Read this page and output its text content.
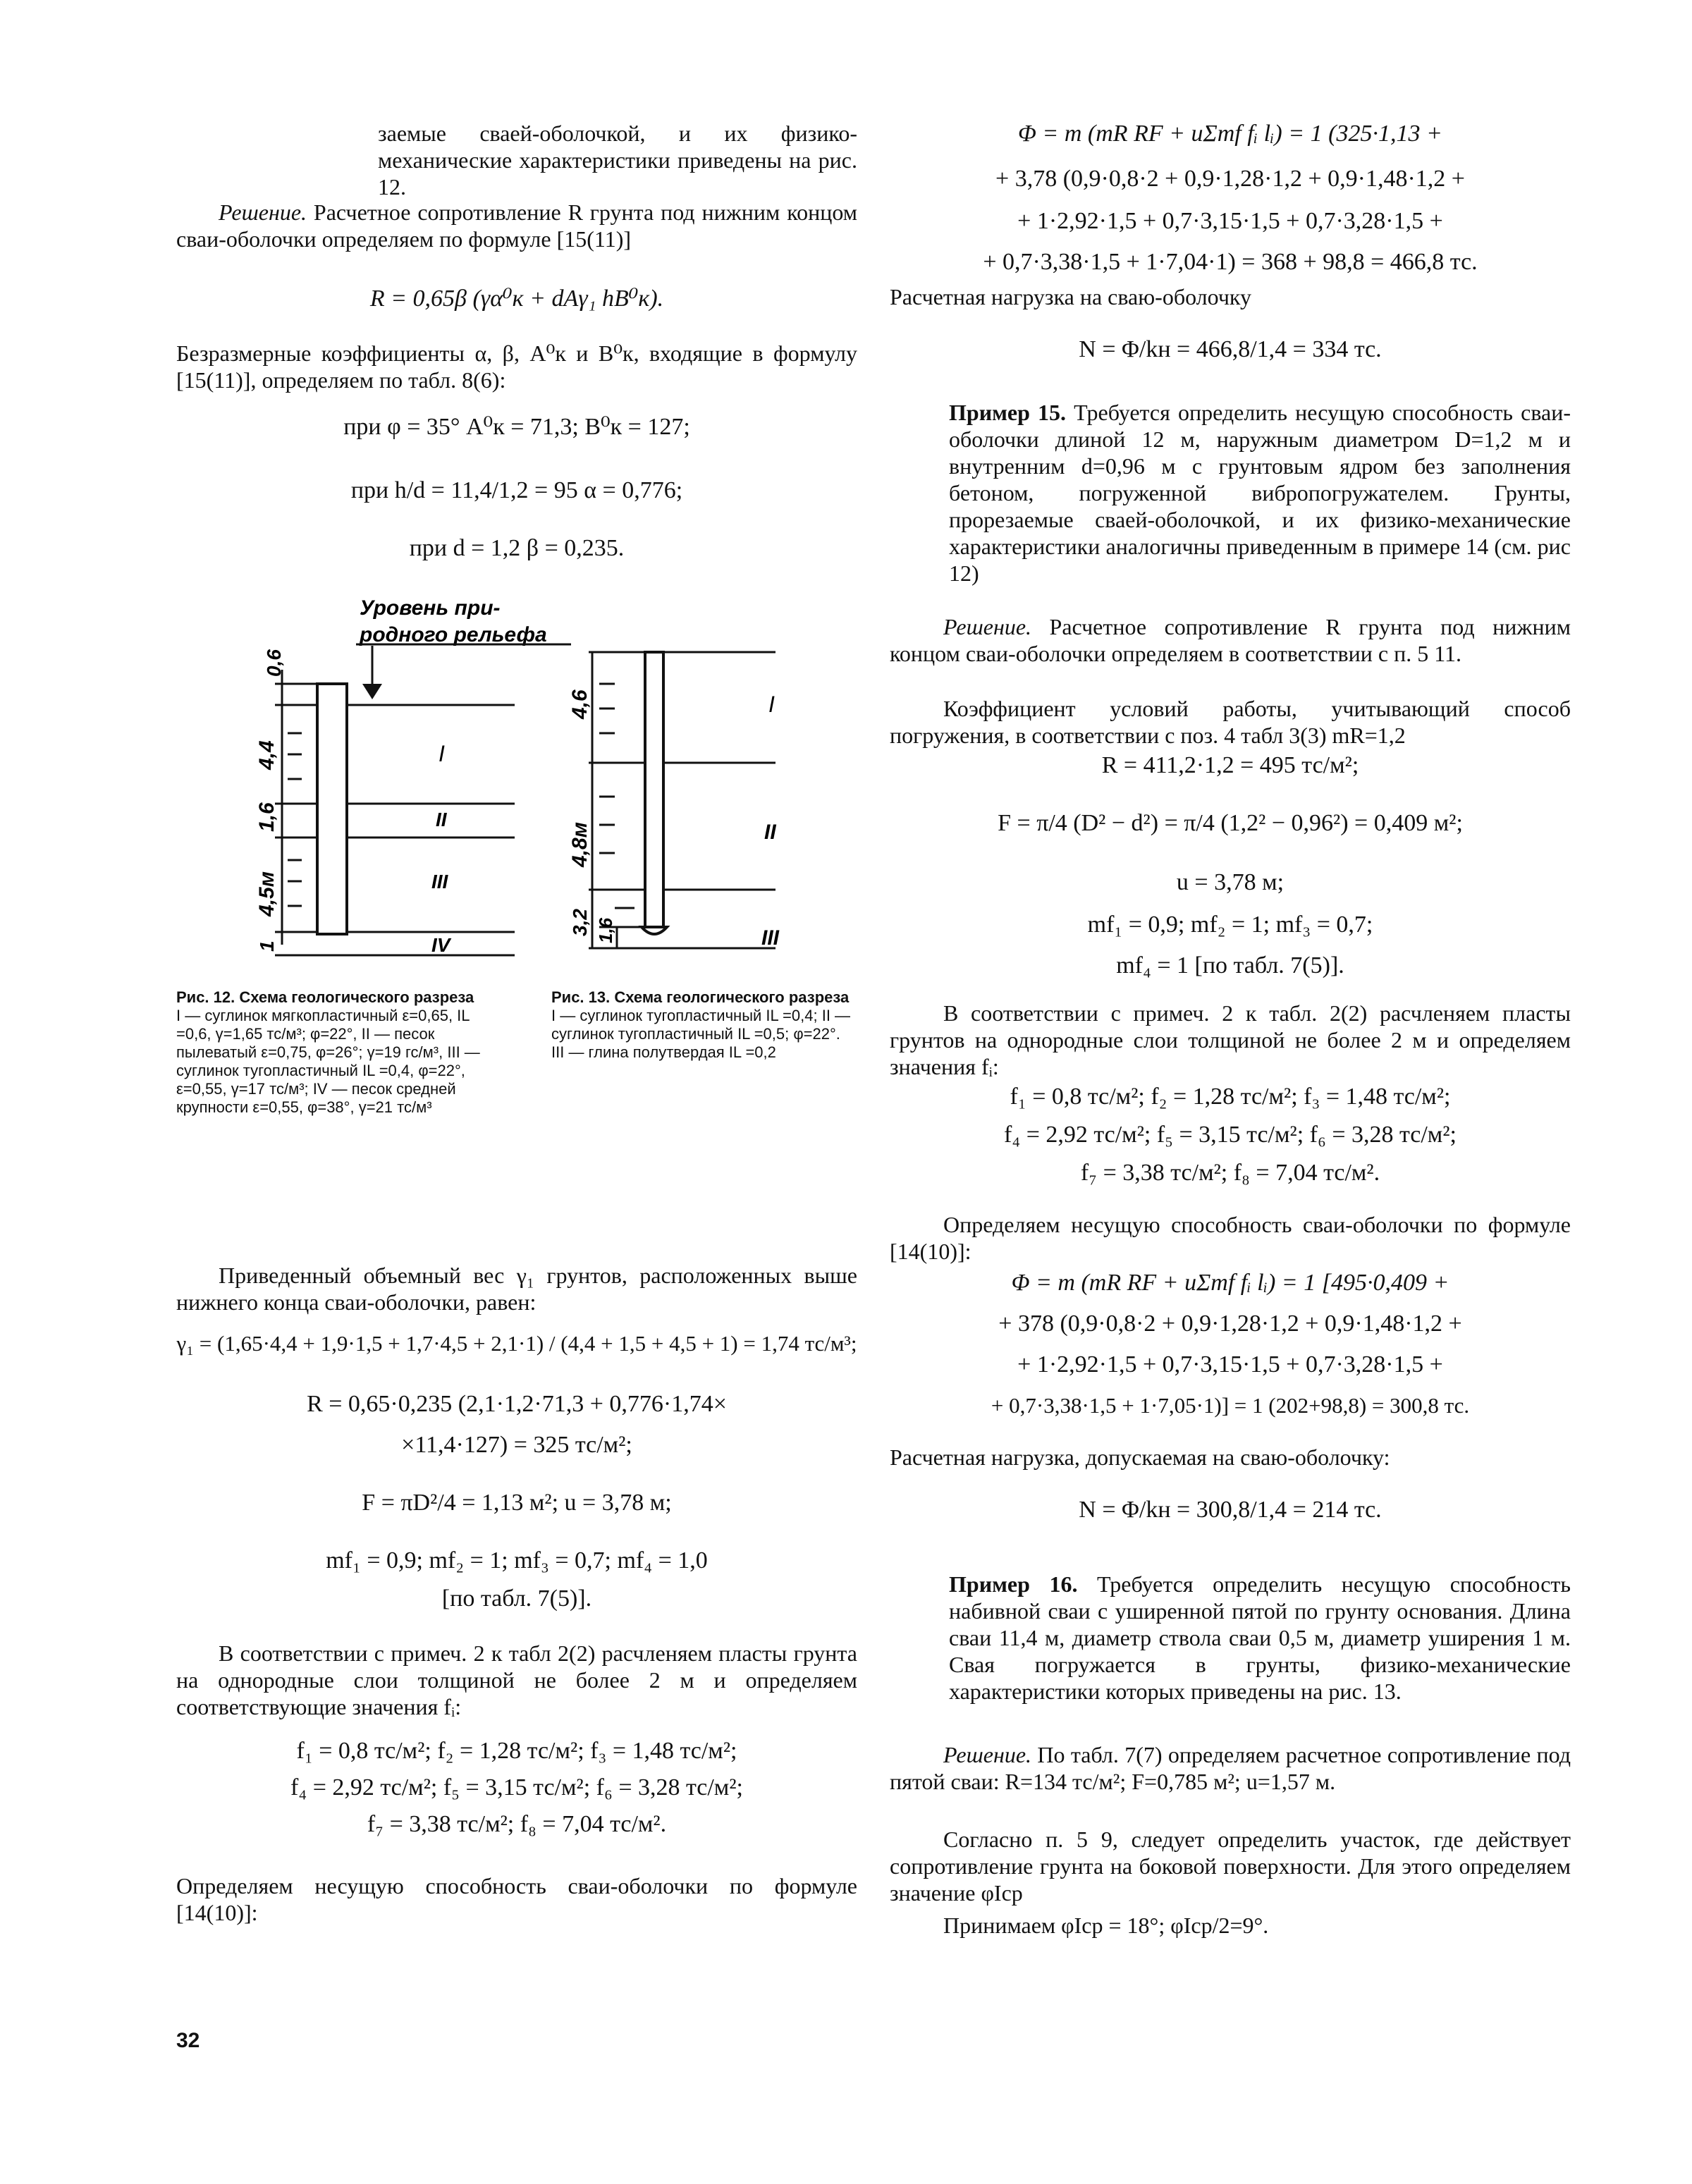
заемые сваей-оболочкой, и их физико-механические характеристики приведены на рис. 12.

Решение. Расчетное сопротивление R грунта под нижним концом сваи-оболочки определяем по формуле [15(11)]

R = 0,65β (γα⁰к + dAγ₁ hB⁰к).

Безразмерные коэффициенты α, β, A⁰к и B⁰к, входящие в формулу [15(11)], определяем по табл. 8(6):

при φ = 35° A⁰к = 71,3; B⁰к = 127;

при h/d = 11,4/1,2 = 95 α = 0,776;

при d = 1,2 β = 0,235.

Уровень при-
родного рельефа
0,6
4,4
1,6
4,5м
1
I
II
III
IV
4,6
4,8м
3,2 1,6
I
II
III

Рис. 12. Схема геологического разреза
I — суглинок мягкопластичный ε=0,65, IL =0,6, γ=1,65 тс/м³; φ=22°, II — песок пылеватый ε=0,75, φ=26°; γ=19 гс/м³, III — суглинок тугопластичный IL =0,4, φ=22°, ε=0,55, γ=17 тс/м³; IV — песок средней крупности ε=0,55, φ=38°, γ=21 тс/м³

Рис. 13. Схема геологического разреза
I — суглинок тугопластичный IL =0,4; II — суглинок тугопластичный IL =0,5; φ=22°. III — глина полутвердая IL =0,2

Приведенный объемный вес γ₁ грунтов, расположенных выше нижнего конца сваи-оболочки, равен:

γ₁ = (1,65·4,4 + 1,9·1,5 + 1,7·4,5 + 2,1·1) / (4,4 + 1,5 + 4,5 + 1) = 1,74 тс/м³;

R = 0,65·0,235 (2,1·1,2·71,3 + 0,776·1,74×

×11,4·127) = 325 тс/м²;

F = πD²/4 = 1,13 м²; u = 3,78 м;

mf₁ = 0,9; mf₂ = 1; mf₃ = 0,7; mf₄ = 1,0

[по табл. 7(5)].

В соответствии с примеч. 2 к табл 2(2) расчленяем пласты грунта на однородные слои толщиной не более 2 м и определяем соответствующие значения fᵢ:

f₁ = 0,8 тс/м²; f₂ = 1,28 тс/м²; f₃ = 1,48 тс/м²;

f₄ = 2,92 тс/м²; f₅ = 3,15 тс/м²; f₆ = 3,28 тс/м²;

f₇ = 3,38 тс/м²; f₈ = 7,04 тс/м².

Определяем несущую способность сваи-оболочки по формуле [14(10)]:

Φ = m (mR RF + uΣmf fᵢ lᵢ) = 1 (325·1,13 +

+ 3,78 (0,9·0,8·2 + 0,9·1,28·1,2 + 0,9·1,48·1,2 +

+ 1·2,92·1,5 + 0,7·3,15·1,5 + 0,7·3,28·1,5 +

+ 0,7·3,38·1,5 + 1·7,04·1) = 368 + 98,8 = 466,8 тс.

Расчетная нагрузка на сваю-оболочку

N = Φ/kн = 466,8/1,4 = 334 тс.

Пример 15. Требуется определить несущую способность сваи-оболочки длиной 12 м, наружным диаметром D=1,2 м и внутренним d=0,96 м с грунтовым ядром без заполнения бетоном, погруженной вибропогружателем. Грунты, прорезаемые сваей-оболочкой, и их физико-механические характеристики аналогичны приведенным в примере 14 (см. рис 12)

Решение. Расчетное сопротивление R грунта под нижним концом сваи-оболочки определяем в соответствии с п. 5 11.

Коэффициент условий работы, учитывающий способ погружения, в соответствии с поз. 4 табл 3(3) mR=1,2

R = 411,2·1,2 = 495 тс/м²;

F = π/4 (D² − d²) = π/4 (1,2² − 0,96²) = 0,409 м²;

u = 3,78 м;

mf₁ = 0,9; mf₂ = 1; mf₃ = 0,7;

mf₄ = 1 [по табл. 7(5)].

В соответствии с примеч. 2 к табл. 2(2) расчленяем пласты грунтов на однородные слои толщиной не более 2 м и определяем значения fᵢ:

f₁ = 0,8 тс/м²; f₂ = 1,28 тс/м²; f₃ = 1,48 тс/м²;

f₄ = 2,92 тс/м²; f₅ = 3,15 тс/м²; f₆ = 3,28 тс/м²;

f₇ = 3,38 тс/м²; f₈ = 7,04 тс/м².

Определяем несущую способность сваи-оболочки по формуле [14(10)]:

Φ = m (mR RF + uΣmf fᵢ lᵢ) = 1 [495·0,409 +

+ 378 (0,9·0,8·2 + 0,9·1,28·1,2 + 0,9·1,48·1,2 +

+ 1·2,92·1,5 + 0,7·3,15·1,5 + 0,7·3,28·1,5 +

+ 0,7·3,38·1,5 + 1·7,05·1)] = 1 (202+98,8) = 300,8 тс.

Расчетная нагрузка, допускаемая на сваю-оболочку:

N = Φ/kн = 300,8/1,4 = 214 тс.

Пример 16. Требуется определить несущую способность набивной сваи с уширенной пятой по грунту основания. Длина сваи 11,4 м, диаметр ствола сваи 0,5 м, диаметр уширения 1 м. Свая погружается в грунты, физико-механические характеристики которых приведены на рис. 13.

Решение. По табл. 7(7) определяем расчетное сопротивление под пятой сваи: R=134 тс/м²; F=0,785 м²; u=1,57 м.

Согласно п. 5 9, следует определить участок, где действует сопротивление грунта на боковой поверхности. Для этого определяем значение φIср

Принимаем φIср = 18°; φIср/2=9°.

32
